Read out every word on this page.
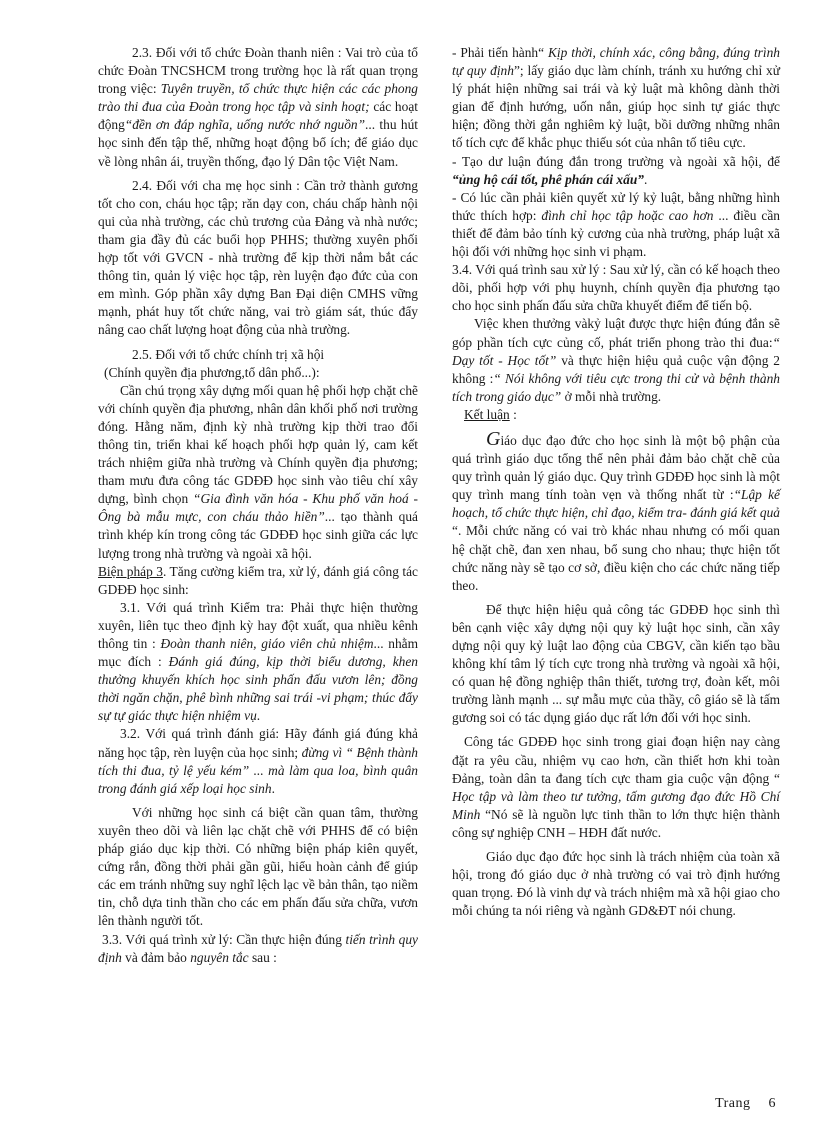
2.3. Đối với tổ chức Đoàn thanh niên : Vai trò của tổ chức Đoàn TNCSHCM trong trường học là rất quan trọng trong việc: Tuyên truyền, tổ chức thực hiện các các phong trào thi đua của Đoàn trong học tập và sinh hoạt; các hoạt động“đền ơn đáp nghĩa, uống nước nhớ nguồn”... thu hút học sinh đến tập thể, những hoạt động bổ ích; để giáo dục về lòng nhân ái, truyền thống, đạo lý Dân tộc Việt Nam.

2.4. Đối với cha mẹ học sinh : Cần trở thành gương tốt cho con, cháu học tập; răn dạy con, cháu chấp hành nội qui của nhà trường, các chủ trương của Đảng và nhà nước; tham gia đầy đủ các buổi họp PHHS; thường xuyên phối hợp tốt với GVCN - nhà trường để kịp thời nắm bắt các thông tin, quản lý việc học tập, rèn luyện đạo đức của con em mình. Góp phần xây dựng Ban Đại diện CMHS vững mạnh, phát huy tốt chức năng, vai trò giám sát, thúc đẩy nâng cao chất lượng hoạt động của nhà trường.

2.5. Đối với tổ chức chính trị xã hội

(Chính quyền địa phương,tổ dân phố...):

Cần chú trọng xây dựng mối quan hệ phối hợp chặt chẽ với chính quyền địa phương, nhân dân khối phố nơi trường đóng. Hằng năm, định kỳ nhà trường kịp thời trao đổi thông tin, triển khai kế hoạch phối hợp quản lý, cam kết trách nhiệm giữa nhà trường và Chính quyền địa phương; tham mưu đưa công tác GDĐĐ học sinh vào tiêu chí xây dựng, bình chọn “Gia đình văn hóa - Khu phố văn hoá - Ông bà mẫu mực, con cháu thảo hiền”... tạo thành quá trình khép kín trong công tác GDĐĐ học sinh giữa các lực lượng trong nhà trường và ngoài xã hội.

Biện pháp 3. Tăng cường kiểm tra, xử lý, đánh giá công tác GDĐĐ học sinh:

3.1. Với quá trình Kiểm tra: Phải thực hiện thường xuyên, liên tục theo định kỳ hay đột xuất, qua nhiều kênh thông tin : Đoàn thanh niên, giáo viên chủ nhiệm... nhằm mục đích : Đánh giá đúng, kịp thời biểu dương, khen thưởng khuyến khích học sinh phấn đấu vươn lên; đồng thời ngăn chặn, phê bình những sai trái -vi phạm; thúc đẩy sự tự giác thực hiện nhiệm vụ.

3.2. Với quá trình đánh giá: Hãy đánh giá đúng khả năng học tập, rèn luyện của học sinh; đừng vì “ Bệnh thành tích thi đua, tỷ lệ yếu kém” ... mà làm qua loa, bình quân trong đánh giá xếp loại học sinh.

Với những học sinh cá biệt cần quan tâm, thường xuyên theo dõi và liên lạc chặt chẽ với PHHS để có biện pháp giáo dục kịp thời. Có những biện pháp kiên quyết, cứng rắn, đồng thời phải gần gũi, hiểu hoàn cảnh để giúp các em tránh những suy nghĩ lệch lạc về bản thân, tạo niềm tin, chỗ dựa tinh thần cho các em phấn đấu sửa chữa, vươn lên thành người tốt.

3.3. Với quá trình xử lý: Cần thực hiện đúng tiến trình quy định và đảm bảo nguyên tắc sau :

- Phải tiến hành“ Kịp thời, chính xác, công bằng, đúng trình tự quy định”; lấy giáo dục làm chính, tránh xu hướng chỉ xử lý phát hiện những sai trái và kỷ luật mà không dành thời gian để định hướng, uốn nắn, giúp học sinh tự giác thực hiện; đồng thời gắn nghiêm kỷ luật, bồi dưỡng những nhân tố tích cực để khắc phục thiếu sót của nhân tố tiêu cực.

- Tạo dư luận đúng đắn trong trường và ngoài xã hội, để “ủng hộ cái tốt, phê phán cái xấu”.

- Có lúc cần phải kiên quyết xử lý kỷ luật, bằng những hình thức thích hợp: đình chỉ học tập hoặc cao hơn ... điều cần thiết để đảm bảo tính kỷ cương của nhà trường, pháp luật xã hội đối với những học sinh vi phạm.

3.4. Với quá trình sau xử lý : Sau xử lý, cần có kế hoạch theo dõi, phối hợp với phụ huynh, chính quyền địa phương tạo cho học sinh phấn đấu sửa chữa khuyết điểm để tiến bộ.

Việc khen thưởng vàkỷ luật được thực hiện đúng đắn sẽ góp phần tích cực củng cố, phát triển phong trào thi đua:“ Dạy tốt - Học tốt” và thực hiện hiệu quả cuộc vận động 2 không :“ Nói không với tiêu cực trong thi cử và bệnh thành tích trong giáo dục” ở mỗi nhà trường.

Kết luận :

Giáo dục đạo đức cho học sinh là một bộ phận của quá trình giáo dục tổng thể nên phải đảm bảo chặt chẽ của quy trình quản lý giáo dục. Quy trình GDĐĐ học sinh là một quy trình mang tính toàn vẹn và thống nhất từ :“Lập kế hoạch, tổ chức thực hiện, chỉ đạo, kiểm tra- đánh giá kết quả “. Mỗi chức năng có vai trò khác nhau nhưng có mối quan hệ chặt chẽ, đan xen nhau, bổ sung cho nhau; thực hiện tốt chức năng này sẽ tạo cơ sở, điều kiện cho các chức năng tiếp theo.

Để thực hiện hiệu quả công tác GDĐĐ học sinh thì bên cạnh việc xây dựng nội quy kỷ luật học sinh, cần xây dựng nội quy kỷ luật lao động của CBGV, cần kiến tạo bầu không khí tâm lý tích cực trong nhà trường và ngoài xã hội, có quan hệ đồng nghiệp thân thiết, tương trợ, đoàn kết, môi trường lành mạnh ... sự mẫu mực của thầy, cô giáo sẽ là tấm gương soi có tác dụng giáo dục rất lớn đối với học sinh.

Công tác GDĐĐ học sinh trong giai đoạn hiện nay càng đặt ra yêu cầu, nhiệm vụ cao hơn, cần thiết hơn khi toàn Đảng, toàn dân ta đang tích cực tham gia cuộc vận động “ Học tập và làm theo tư tưởng, tấm gương đạo đức Hồ Chí Minh “Nó sẽ là nguồn lực tinh thần to lớn thực hiện thành công sự nghiệp CNH – HĐH đất nước.

Giáo dục đạo đức học sinh là trách nhiệm của toàn xã hội, trong đó giáo dục ở nhà trường có vai trò định hướng quan trọng. Đó là vinh dự và trách nhiệm mà xã hội giao cho mỗi chúng ta nói riêng và ngành GD&ĐT nói chung.

Trang 6
